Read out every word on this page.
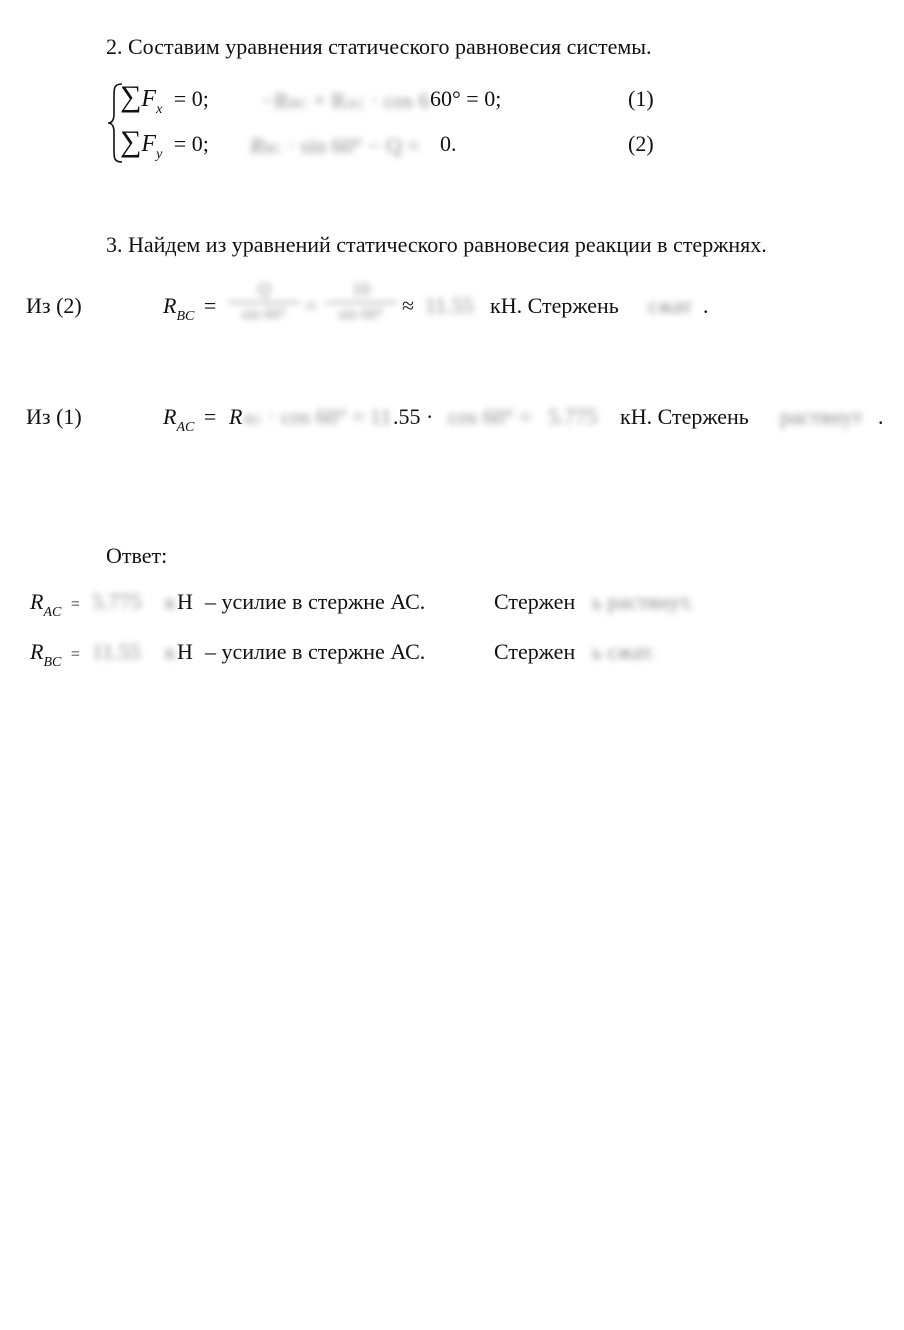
2. Составим уравнения статического равновесия системы.
$\sum F_x = 0$; −RBC + RAC · cos 6 60° = 0;	(1)
$\sum F_y = 0$; RBC · sin 60° − Q = 0.	(2)
3. Найдем из уравнений статического равновесия реакции в стержнях.
Из (2)	$R_{BC}$ =
Q
sin 60° =
10
sin 60° ≈ 11.55 кН. Стержень сжат .
Из (1)	$R_{AC} = R$ BC · cos 60° = 11 .55 · cos 60° = 5.775 кН. Стержень растянут .
Ответ:
$R_{AC} = 5.775$ к Н – усилие в стержне АС.	Стержен ь растянут.
$R_{BC} = 11.55$ к Н – усилие в стержне АС.	Стержен ь сжат.
